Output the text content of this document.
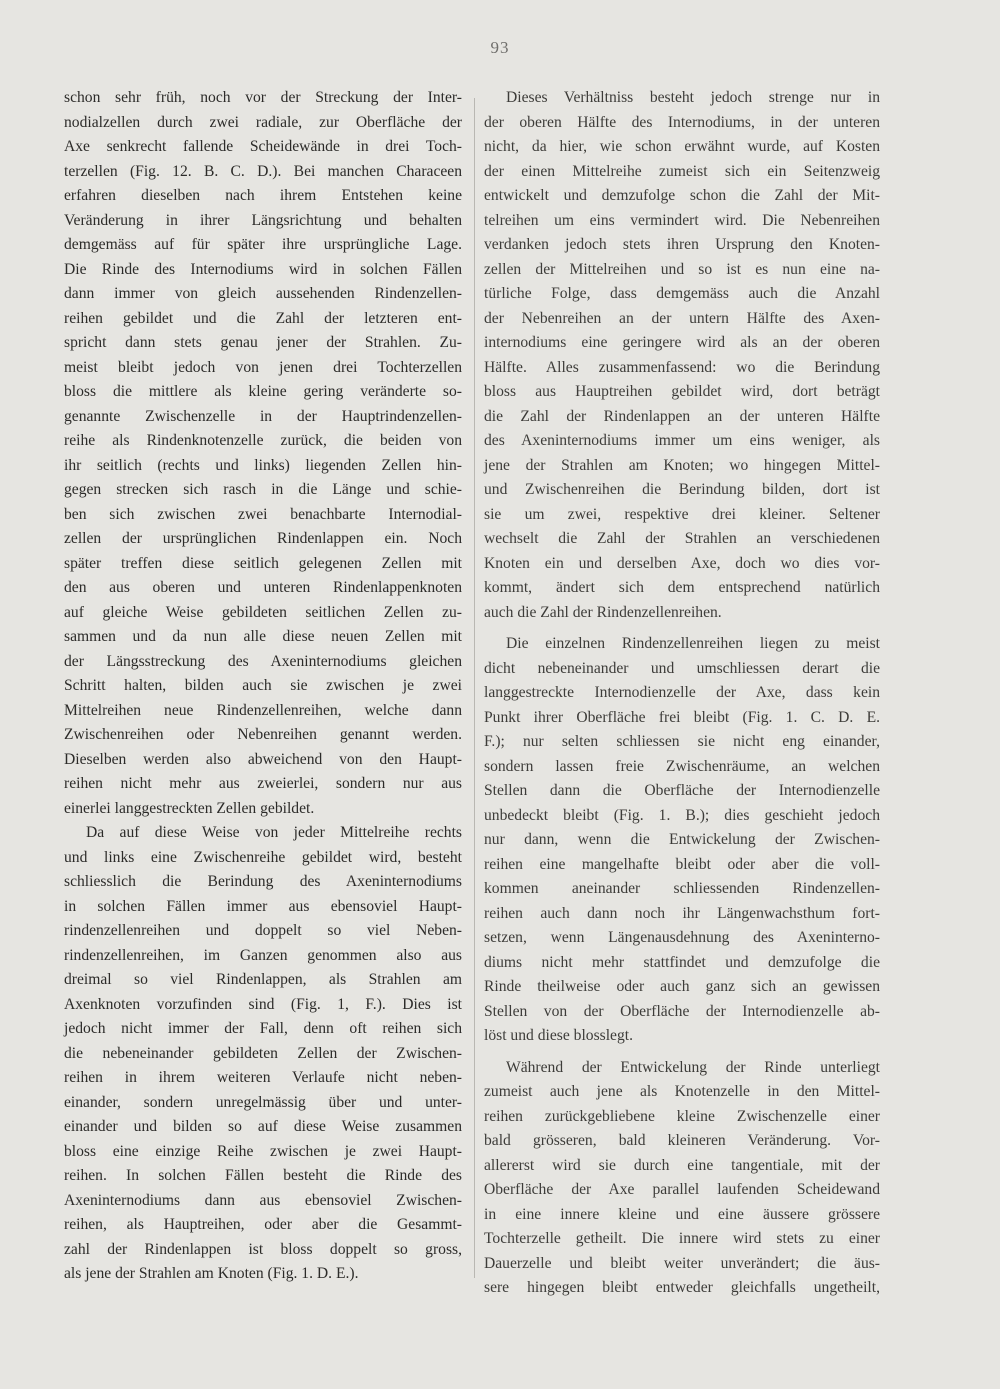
93
schon sehr früh, noch vor der Streckung der Inter-
nodialzellen durch zwei radiale, zur Oberfläche der
Axe senkrecht fallende Scheidewände in drei Toch-
terzellen (Fig. 12. B. C. D.). Bei manchen Characeen
erfahren dieselben nach ihrem Entstehen keine
Veränderung in ihrer Längsrichtung und behalten
demgemäss auf für später ihre ursprüngliche Lage.
Die Rinde des Internodiums wird in solchen Fällen
dann immer von gleich aussehenden Rindenzellen-
reihen gebildet und die Zahl der letzteren ent-
spricht dann stets genau jener der Strahlen. Zu-
meist bleibt jedoch von jenen drei Tochterzellen
bloss die mittlere als kleine gering veränderte so-
genannte Zwischenzelle in der Hauptrindenzellen-
reihe als Rindenknotenzelle zurück, die beiden von
ihr seitlich (rechts und links) liegenden Zellen hin-
gegen strecken sich rasch in die Länge und schie-
ben sich zwischen zwei benachbarte Internodial-
zellen der ursprünglichen Rindenlappen ein. Noch
später treffen diese seitlich gelegenen Zellen mit
den aus oberen und unteren Rindenlappenknoten
auf gleiche Weise gebildeten seitlichen Zellen zu-
sammen und da nun alle diese neuen Zellen mit
der Längsstreckung des Axeninternodiums gleichen
Schritt halten, bilden auch sie zwischen je zwei
Mittelreihen neue Rindenzellenreihen, welche dann
Zwischenreihen oder Nebenreihen genannt werden.
Dieselben werden also abweichend von den Haupt-
reihen nicht mehr aus zweierlei, sondern nur aus
einerlei langgestreckten Zellen gebildet.
Da auf diese Weise von jeder Mittelreihe rechts
und links eine Zwischenreihe gebildet wird, besteht
schliesslich die Berindung des Axeninternodiums
in solchen Fällen immer aus ebensoviel Haupt-
rindenzellenreihen und doppelt so viel Neben-
rindenzellenreihen, im Ganzen genommen also aus
dreimal so viel Rindenlappen, als Strahlen am
Axenknoten vorzufinden sind (Fig. 1, F.). Dies ist
jedoch nicht immer der Fall, denn oft reihen sich
die nebeneinander gebildeten Zellen der Zwischen-
reihen in ihrem weiteren Verlaufe nicht neben-
einander, sondern unregelmässig über und unter-
einander und bilden so auf diese Weise zusammen
bloss eine einzige Reihe zwischen je zwei Haupt-
reihen. In solchen Fällen besteht die Rinde des
Axeninternodiums dann aus ebensoviel Zwischen-
reihen, als Hauptreihen, oder aber die Gesammt-
zahl der Rindenlappen ist bloss doppelt so gross,
als jene der Strahlen am Knoten (Fig. 1. D. E.).
Dieses Verhältniss besteht jedoch strenge nur in
der oberen Hälfte des Internodiums, in der unteren
nicht, da hier, wie schon erwähnt wurde, auf Kosten
der einen Mittelreihe zumeist sich ein Seitenzweig
entwickelt und demzufolge schon die Zahl der Mit-
telreihen um eins vermindert wird. Die Nebenreihen
verdanken jedoch stets ihren Ursprung den Knoten-
zellen der Mittelreihen und so ist es nun eine na-
türliche Folge, dass demgemäss auch die Anzahl
der Nebenreihen an der untern Hälfte des Axen-
internodiums eine geringere wird als an der oberen
Hälfte. Alles zusammenfassend: wo die Berindung
bloss aus Hauptreihen gebildet wird, dort beträgt
die Zahl der Rindenlappen an der unteren Hälfte
des Axeninternodiums immer um eins weniger, als
jene der Strahlen am Knoten; wo hingegen Mittel-
und Zwischenreihen die Berindung bilden, dort ist
sie um zwei, respektive drei kleiner. Seltener
wechselt die Zahl der Strahlen an verschiedenen
Knoten ein und derselben Axe, doch wo dies vor-
kommt, ändert sich dem entsprechend natürlich
auch die Zahl der Rindenzellenreihen.
Die einzelnen Rindenzellenreihen liegen zu meist
dicht nebeneinander und umschliessen derart die
langgestreckte Internodienzelle der Axe, dass kein
Punkt ihrer Oberfläche frei bleibt (Fig. 1. C. D. E.
F.); nur selten schliessen sie nicht eng einander,
sondern lassen freie Zwischenräume, an welchen
Stellen dann die Oberfläche der Internodienzelle
unbedeckt bleibt (Fig. 1. B.); dies geschieht jedoch
nur dann, wenn die Entwickelung der Zwischen-
reihen eine mangelhafte bleibt oder aber die voll-
kommen aneinander schliessenden Rindenzellen-
reihen auch dann noch ihr Längenwachsthum fort-
setzen, wenn Längenausdehnung des Axeninterno-
diums nicht mehr stattfindet und demzufolge die
Rinde theilweise oder auch ganz sich an gewissen
Stellen von der Oberfläche der Internodienzelle ab-
löst und diese blosslegt.
Während der Entwickelung der Rinde unterliegt
zumeist auch jene als Knotenzelle in den Mittel-
reihen zurückgebliebene kleine Zwischenzelle einer
bald grösseren, bald kleineren Veränderung. Vor-
allererst wird sie durch eine tangentiale, mit der
Oberfläche der Axe parallel laufenden Scheidewand
in eine innere kleine und eine äussere grössere
Tochterzelle getheilt. Die innere wird stets zu einer
Dauerzelle und bleibt weiter unverändert; die äus-
sere hingegen bleibt entweder gleichfalls ungetheilt,
